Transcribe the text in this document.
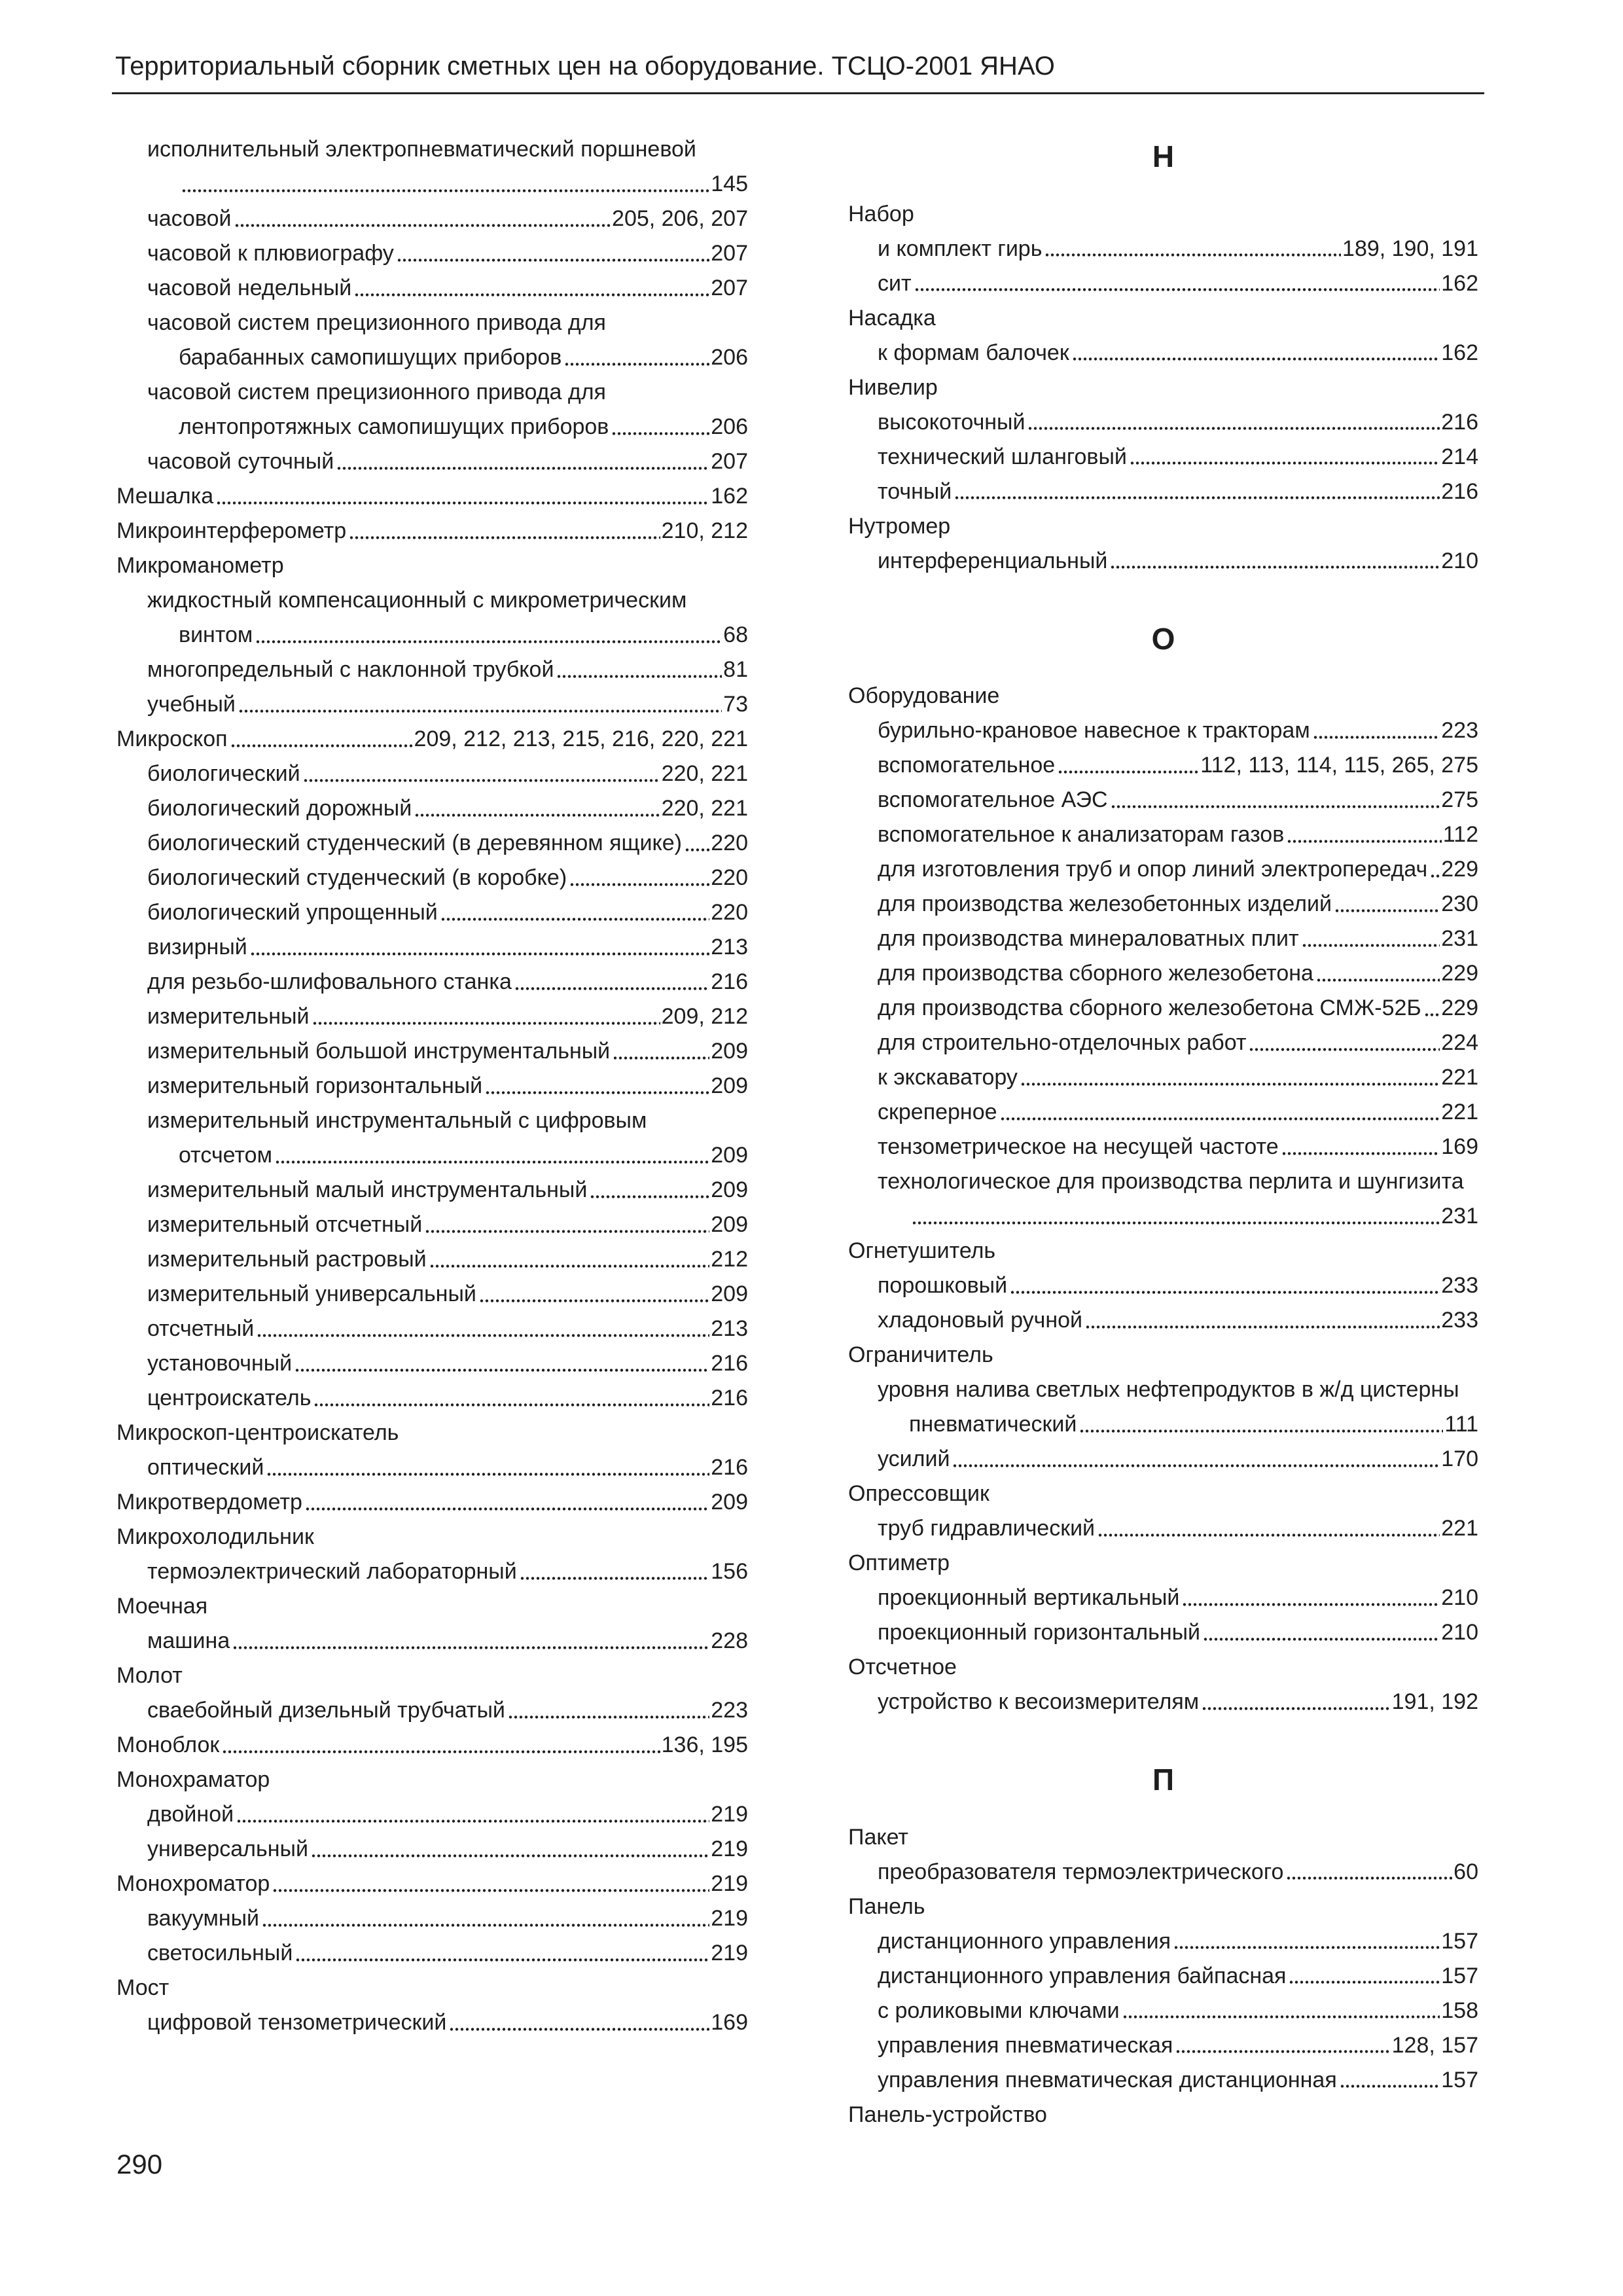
Территориальный сборник сметных цен на оборудование. ТСЦО-2001 ЯНАО
исполнительный электропневматический поршневой
145
часовой	205, 206, 207
часовой к плювиографу	207
часовой недельный	207
часовой систем прецизионного привода для
барабанных самопишущих приборов	206
часовой систем прецизионного привода для
лентопротяжных самопишущих приборов	206
часовой суточный	207
Мешалка	162
Микроинтерферометр	210, 212
Микроманометр
жидкостный компенсационный с микрометрическим
винтом	68
многопредельный с наклонной трубкой	81
учебный	73
Микроскоп	209, 212, 213, 215, 216, 220, 221
биологический	220, 221
биологический дорожный	220, 221
биологический студенческий (в деревянном ящике) 220
биологический студенческий (в коробке)	220
биологический упрощенный	220
визирный	213
для резьбо-шлифовального станка	216
измерительный	209, 212
измерительный большой инструментальный	209
измерительный горизонтальный	209
измерительный инструментальный с цифровым
отсчетом	209
измерительный малый инструментальный	209
измерительный отсчетный	209
измерительный растровый	212
измерительный универсальный	209
отсчетный	213
установочный	216
центроискатель	216
Микроскоп-центроискатель
оптический	216
Микротвердометр	209
Микрохолодильник
термоэлектрический лабораторный	156
Моечная
машина	228
Молот
сваебойный дизельный трубчатый	223
Моноблок	136, 195
Монохраматор
двойной	219
универсальный	219
Монохроматор	219
вакуумный	219
светосильный	219
Мост
цифровой тензометрический	169
Н
Набор
и комплект гирь	189, 190, 191
сит	162
Насадка
к формам балочек	162
Нивелир
высокоточный	216
технический шланговый	214
точный	216
Нутромер
интерференциальный	210
О
Оборудование
бурильно-крановое навесное к тракторам	223
вспомогательное	112, 113, 114, 115, 265, 275
вспомогательное АЭС	275
вспомогательное к анализаторам газов	112
для изготовления труб и опор линий электропередач 229
для производства железобетонных изделий	230
для производства минераловатных плит	231
для производства сборного железобетона	229
для производства сборного железобетона СМЖ-52Б 229
для строительно-отделочных работ	224
к экскаватору	221
скреперное	221
тензометрическое на несущей частоте	169
технологическое для производства перлита и шунгизита
231
Огнетушитель
порошковый	233
хладоновый ручной	233
Ограничитель
уровня налива светлых нефтепродуктов в ж/д цистерны
пневматический	111
усилий	170
Опрессовщик
труб гидравлический	221
Оптиметр
проекционный вертикальный	210
проекционный горизонтальный	210
Отсчетное
устройство к весоизмерителям	191, 192
П
Пакет
преобразователя термоэлектрического	60
Панель
дистанционного управления	157
дистанционного управления байпасная	157
с роликовыми ключами	158
управления пневматическая	128, 157
управления пневматическая дистанционная	157
Панель-устройство
290
